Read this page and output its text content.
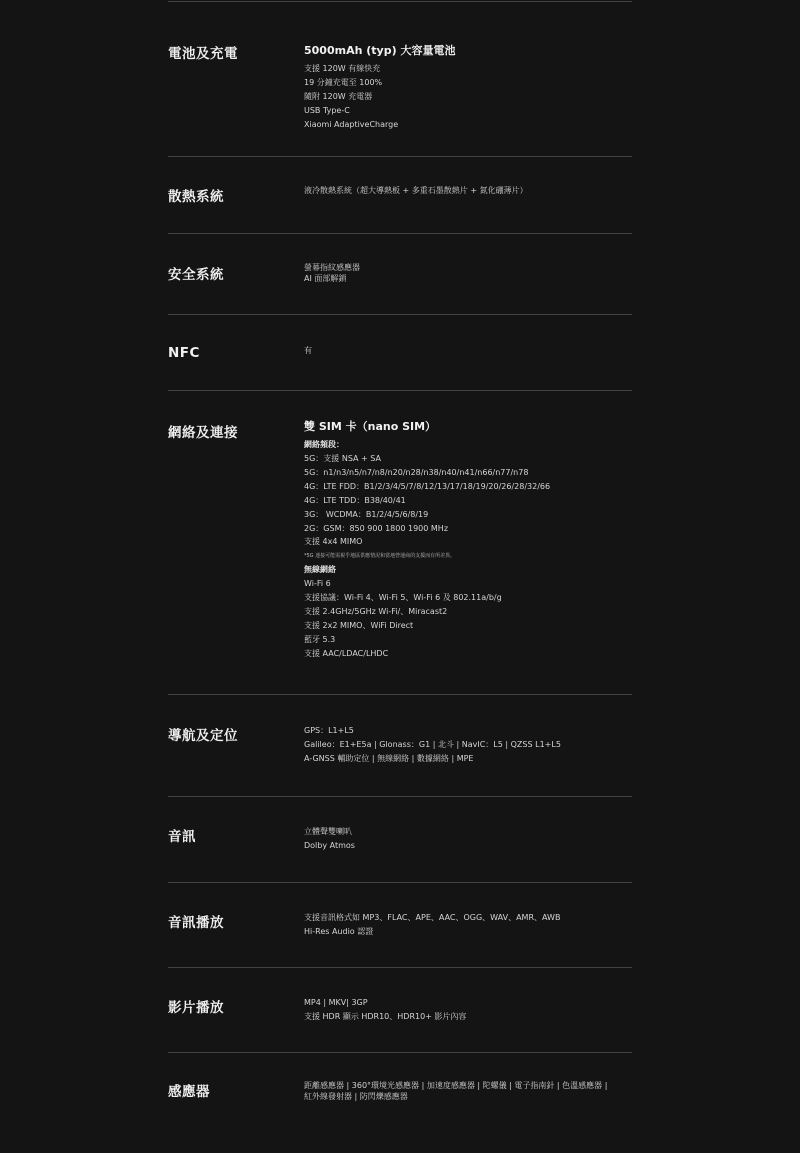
電池及充電	5000mAh (typ) 大容量電池
支援 120W 有線快充
19 分鐘充電至 100%
隨附 120W 充電器
USB Type-C
Xiaomi AdaptiveCharge
散熱系統	液冷散熱系統（超大導熱板 + 多重石墨散熱片 + 氮化硼薄片）
安全系統	螢幕指紋感應器
AI 面部解鎖
NFC	有
網絡及連接	雙 SIM 卡（nano SIM）
網絡頻段：
5G：支援 NSA + SA
5G：n1/n3/n5/n7/n8/n20/n28/n38/n40/n41/n66/n77/n78
4G：LTE FDD：B1/2/3/4/5/7/8/12/13/17/18/19/20/26/28/32/66
4G：LTE TDD：B38/40/41
3G： WCDMA：B1/2/4/5/6/8/19
2G：GSM：850 900 1800 1900 MHz
支援 4x4 MIMO
*5G 連接可能需視乎地區供應情況和當地營運商的支援而有所差異。
無線網絡
Wi-Fi 6
支援協議：Wi-Fi 4、Wi-Fi 5、Wi-Fi 6 及 802.11a/b/g
支援 2.4GHz/5GHz Wi-Fi/、Miracast2
支援 2x2 MIMO、WiFi Direct
藍牙 5.3
支援 AAC/LDAC/LHDC
導航及定位	GPS：L1+L5
Galileo：E1+E5a | Glonass：G1 | 北斗 | NavIC：L5 | QZSS L1+L5
A-GNSS 輔助定位 | 無線網絡 | 數據網絡 | MPE
音訊	立體聲雙喇叭
Dolby Atmos
音訊播放	支援音訊格式如 MP3、FLAC、APE、AAC、OGG、WAV、AMR、AWB
Hi-Res Audio 認證
影片播放	MP4 | MKV| 3GP
支援 HDR 顯示 HDR10、HDR10+ 影片內容
感應器	距離感應器 | 360°環境光感應器 | 加速度感應器 | 陀螺儀 | 電子指南針 | 色溫感應器 |
紅外線發射器 | 防閃爍感應器
